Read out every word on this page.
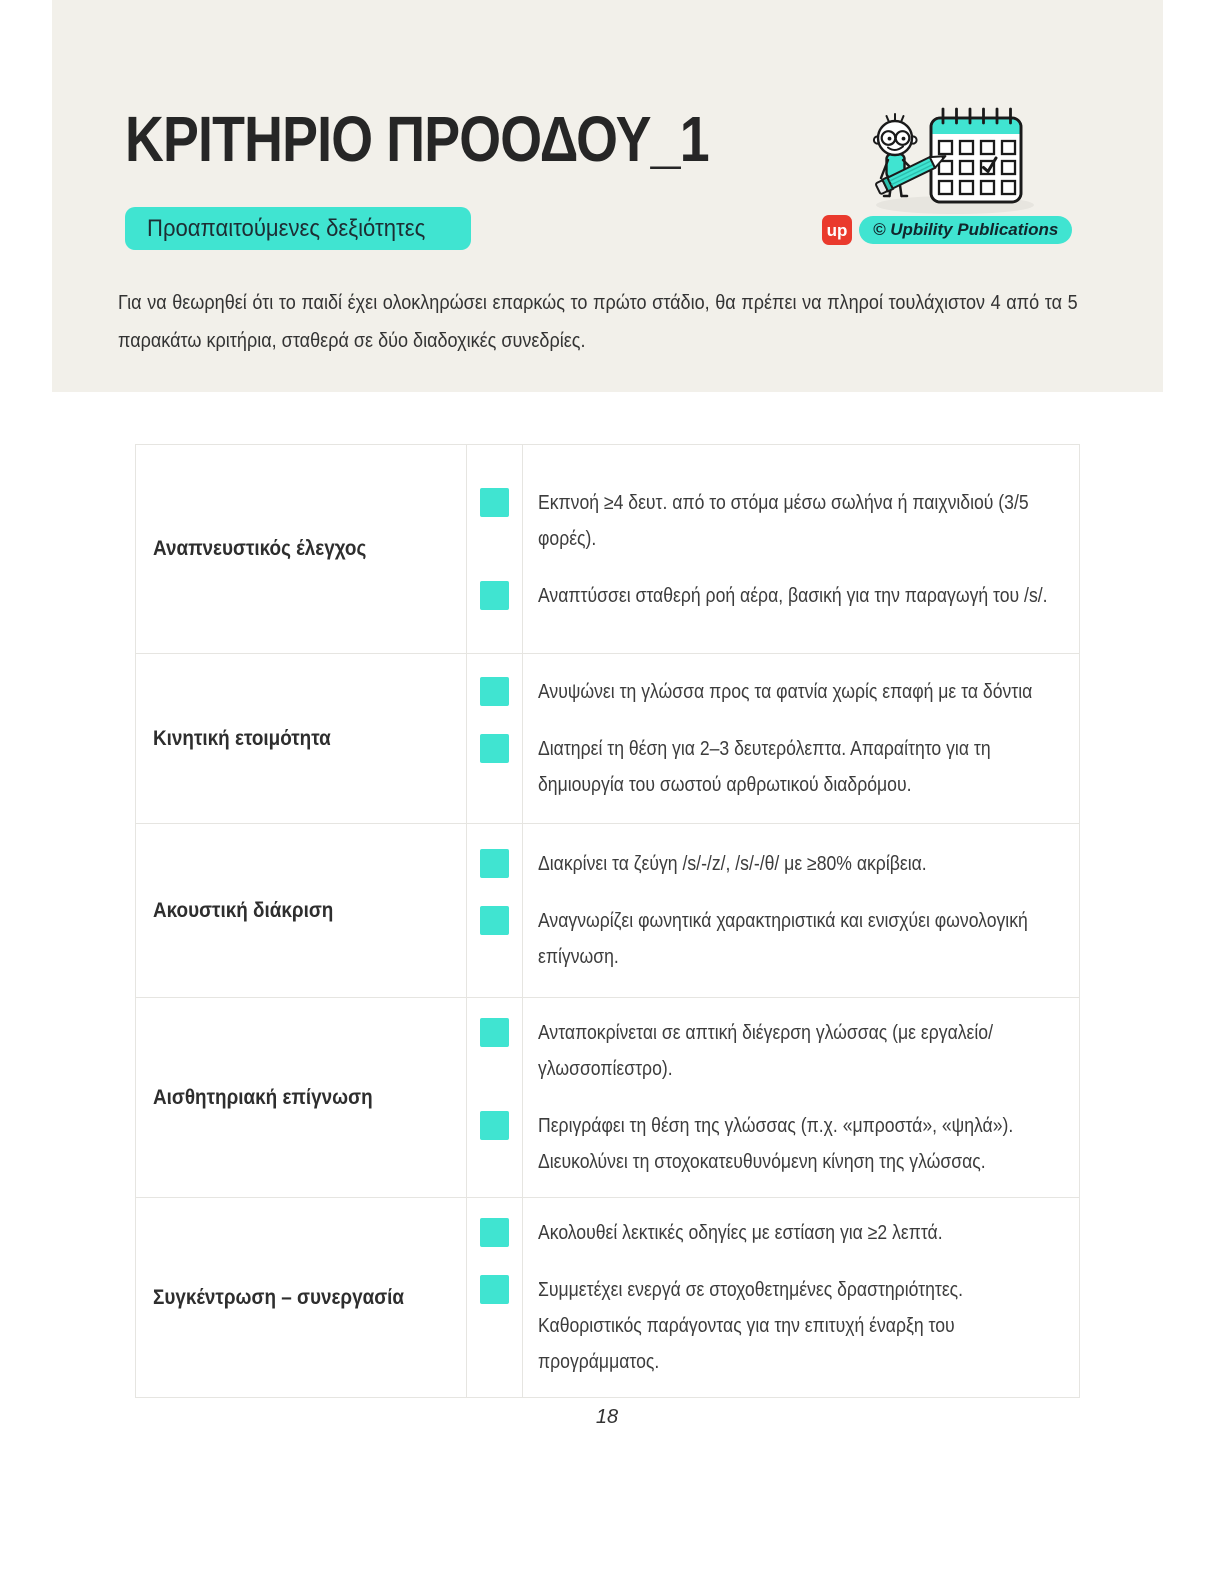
ΚΡΙΤΗΡΙΟ ΠΡΟΟΔΟΥ_1
Προαπαιτούμενες δεξιότητες	up	© Upbility Publications

Για να θεωρηθεί ότι το παιδί έχει ολοκληρώσει επαρκώς το πρώτο στάδιο, θα πρέπει να πληροί τουλάχιστον 4 από τα 5 παρακάτω κριτήρια, σταθερά σε δύο διαδοχικές συνεδρίες.

Αναπνευστικός έλεγχος
Εκπνοή ≥4 δευτ. από το στόμα μέσω σωλήνα ή παιχνιδιού (3/5 φορές).
Αναπτύσσει σταθερή ροή αέρα, βασική για την παραγωγή του /s/.
Κινητική ετοιμότητα
Ανυψώνει τη γλώσσα προς τα φατνία χωρίς επαφή με τα δόντια
Διατηρεί τη θέση για 2–3 δευτερόλεπτα. Απαραίτητο για τη δημιουργία του σωστού αρθρωτικού διαδρόμου.
Ακουστική διάκριση
Διακρίνει τα ζεύγη /s/-/z/, /s/-/θ/ με ≥80% ακρίβεια.
Αναγνωρίζει φωνητικά χαρακτηριστικά και ενισχύει φωνολογική επίγνωση.
Αισθητηριακή επίγνωση
Ανταποκρίνεται σε απτική διέγερση γλώσσας (με εργαλείο/γλωσσοπίεστρο).
Περιγράφει τη θέση της γλώσσας (π.χ. «μπροστά», «ψηλά»). Διευκολύνει τη στοχοκατευθυνόμενη κίνηση της γλώσσας.
Συγκέντρωση – συνεργασία
Ακολουθεί λεκτικές οδηγίες με εστίαση για ≥2 λεπτά.
Συμμετέχει ενεργά σε στοχοθετημένες δραστηριότητες. Καθοριστικός παράγοντας για την επιτυχή έναρξη του προγράμματος.
18
